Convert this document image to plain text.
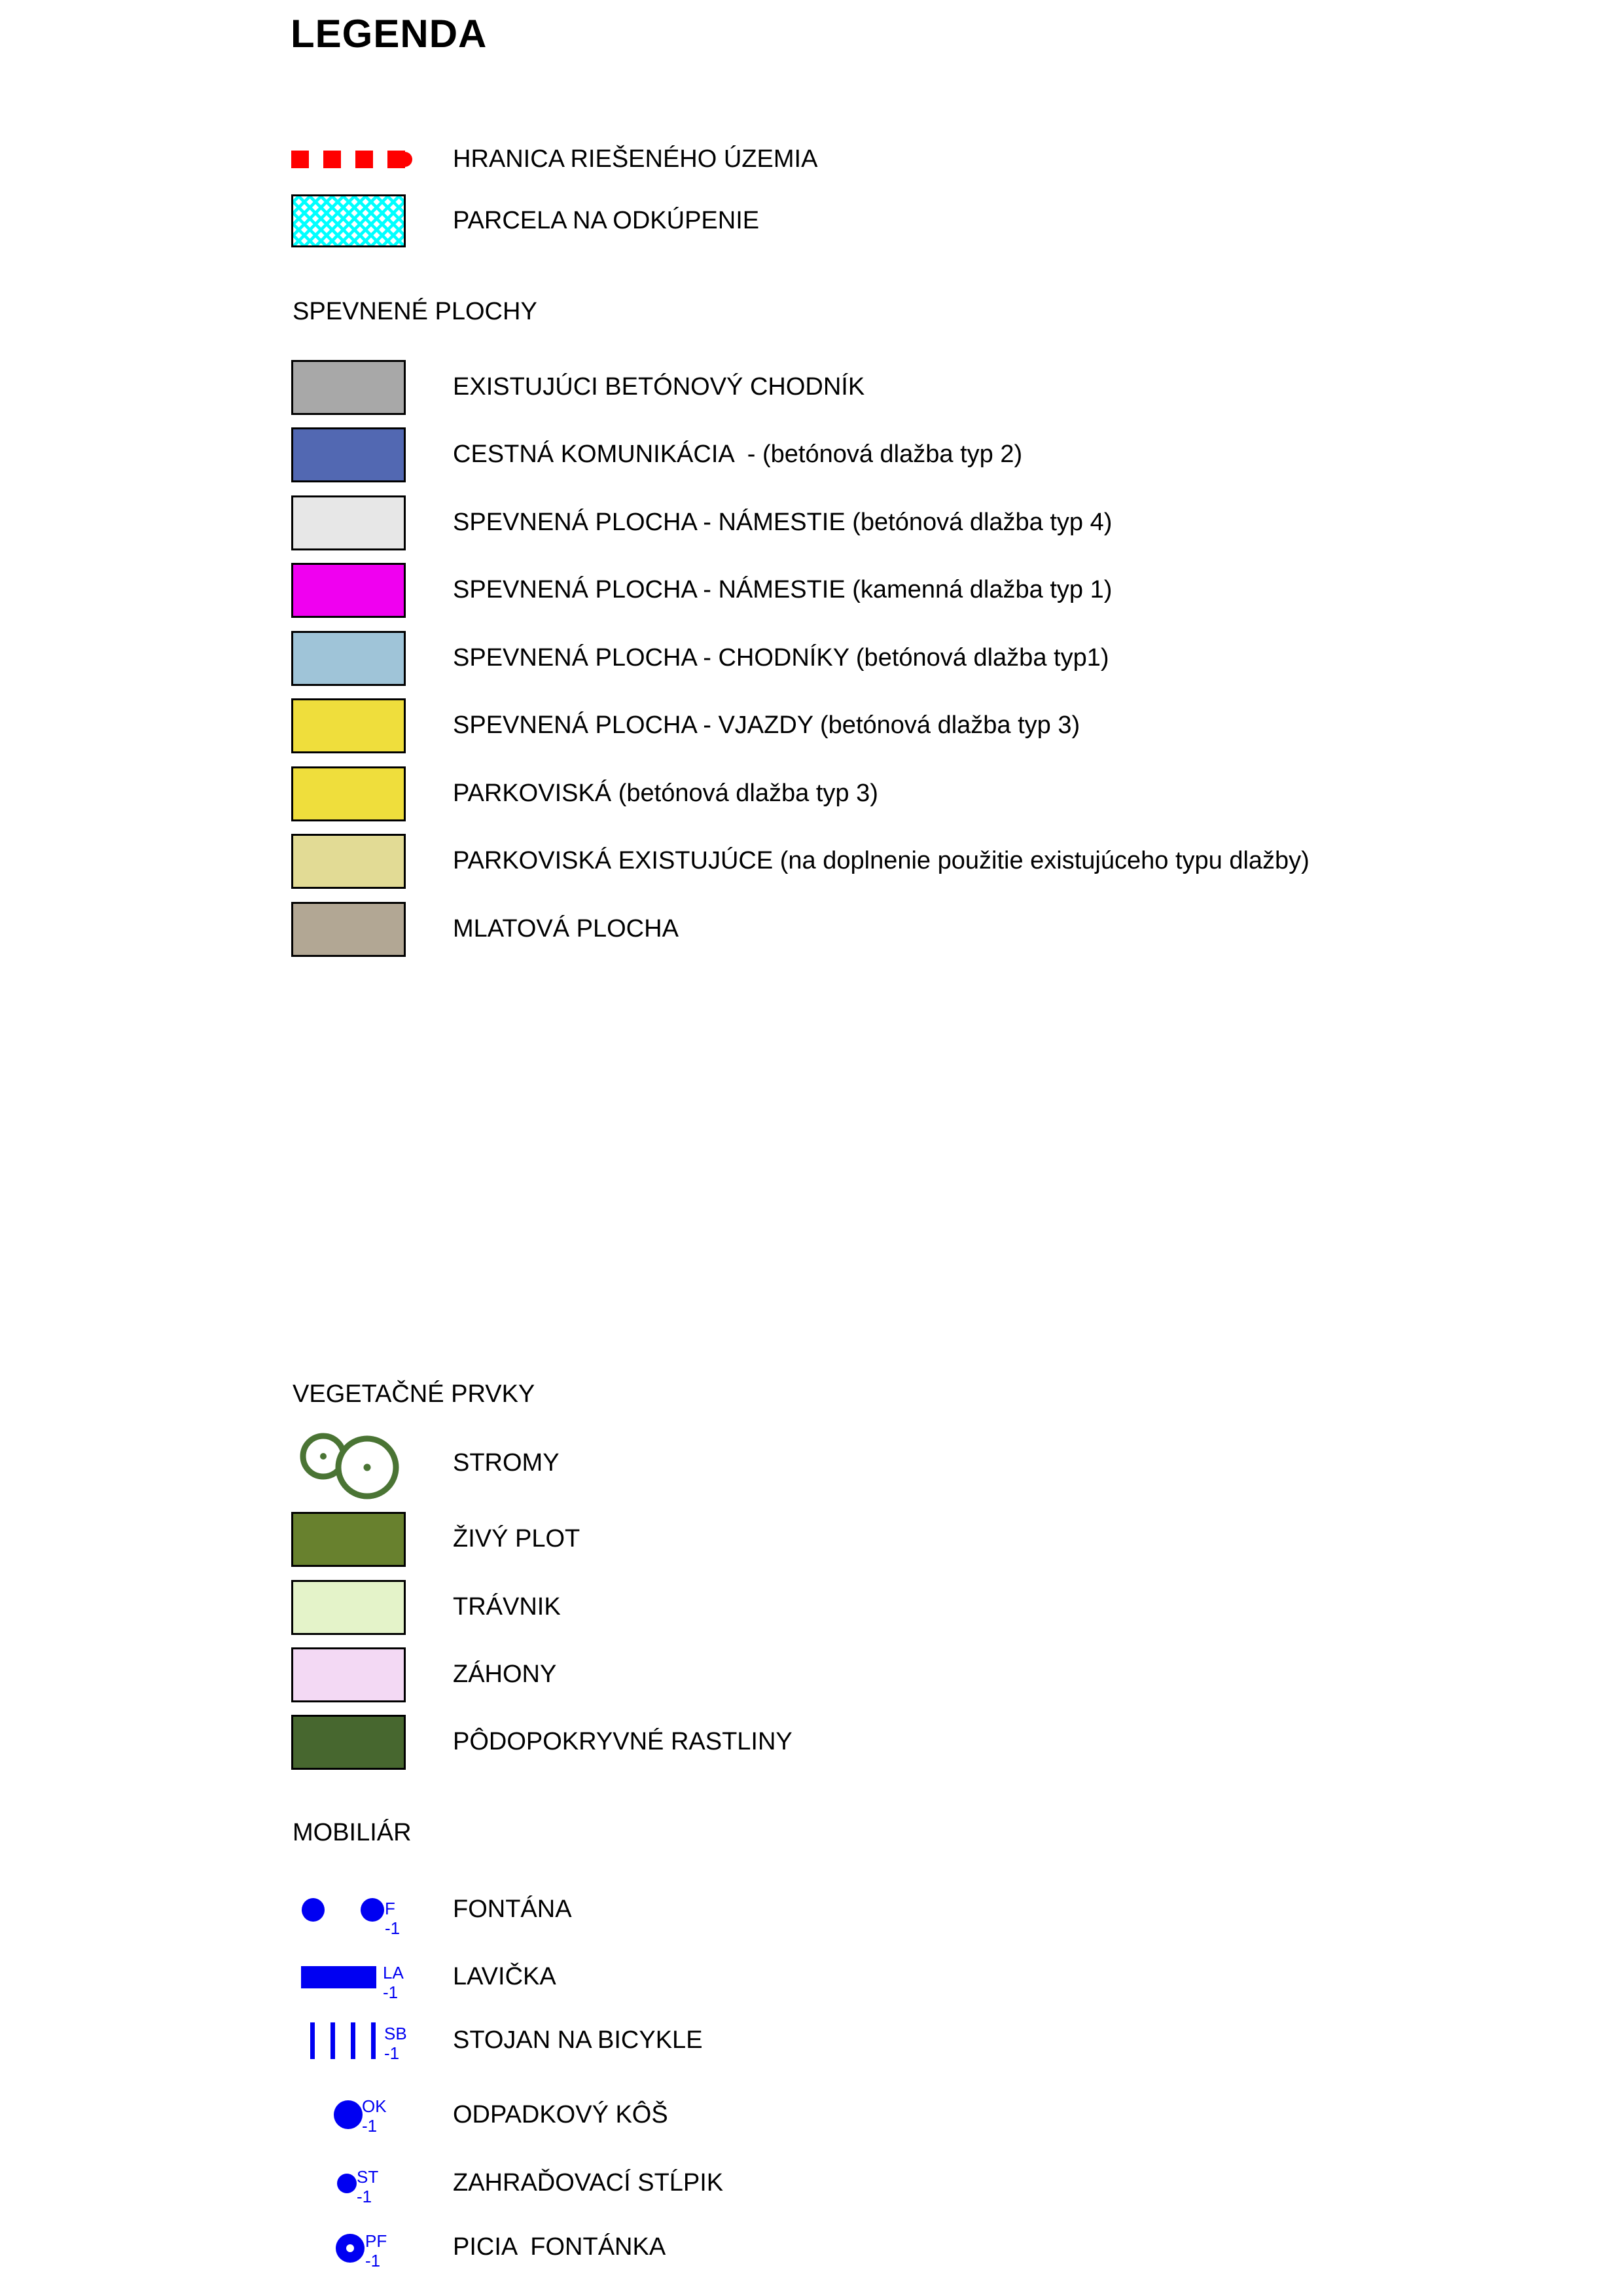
LEGENDA
HRANICA RIEŠENÉHO ÚZEMIA
PARCELA NA ODKÚPENIE
SPEVNENÉ PLOCHY
EXISTUJÚCI BETÓNOVÝ CHODNÍK
CESTNÁ KOMUNIKÁCIA  - (betónová dlažba typ 2)
SPEVNENÁ PLOCHA - NÁMESTIE (betónová dlažba typ 4)
SPEVNENÁ PLOCHA - NÁMESTIE (kamenná dlažba typ 1)
SPEVNENÁ PLOCHA - CHODNÍKY (betónová dlažba typ1)
SPEVNENÁ PLOCHA - VJAZDY (betónová dlažba typ 3)
PARKOVISKÁ (betónová dlažba typ 3)
PARKOVISKÁ EXISTUJÚCE (na doplnenie použitie existujúceho typu dlažby)
MLATOVÁ PLOCHA
VEGETAČNÉ PRVKY
STROMY
ŽIVÝ PLOT
TRÁVNIK
ZÁHONY
PÔDOPOKRYVNÉ RASTLINY
MOBILIÁR
F
-1
FONTÁNA
LA
-1
LAVIČKA
SB
-1	STOJAN NA BICYKLE
OK
-1	ODPADKOVÝ KÔŠ
ST
-1	ZAHRAĎOVACÍ STĹPIK
PF
-1	PICIA  FONTÁNKA
